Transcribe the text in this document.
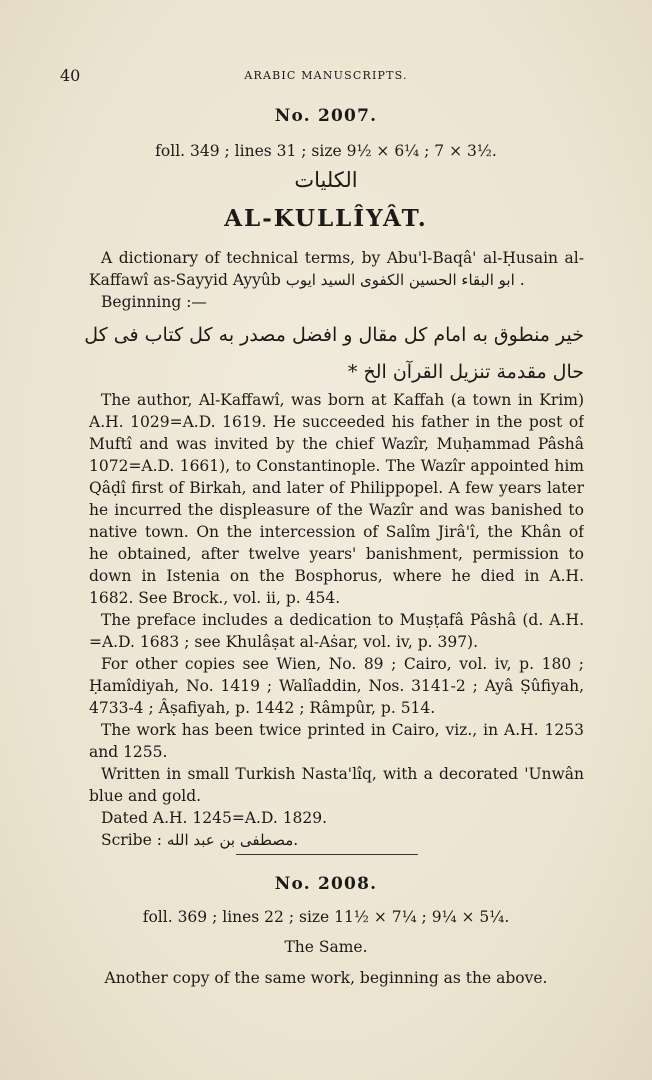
40	ARABIC MANUSCRIPTS.
No. 2007.
foll. 349 ; lines 31 ; size 9½ × 6¼ ; 7 × 3½.
الكليات
AL-KULLÎYÂT.
A dictionary of technical terms, by Abu'l-Baqâ' al-Ḥusain al-
Kaffawî as-Sayyid Ayyûb ابو البقاء الحسين الكفوى السيد ايوب .
Beginning :—
خير منطوق به امام كل مقال و افضل مصدر به كل كتاب فى كل
حال مقدمة تنزيل القرآن الخ *
The author, Al-Kaffawî, was born at Kaffah (a town in Krim)
A.H. 1029=A.D. 1619. He succeeded his father in the post of
Muftî and was invited by the chief Wazîr, Muḥammad Pâshâ
1072=A.D. 1661), to Constantinople. The Wazîr appointed him
Qâḍî first of Birkah, and later of Philippopel. A few years later
he incurred the displeasure of the Wazîr and was banished to
native town. On the intercession of Salîm Jirâ'î, the Khân of
he obtained, after twelve years' banishment, permission to
down in Istenia on the Bosphorus, where he died in A.H.
1682. See Brock., vol. ii, p. 454.
The preface includes a dedication to Muṣṭafâ Pâshâ (d. A.H.
=A.D. 1683 ; see Khulâṣat al-Aṡar, vol. iv, p. 397).
For other copies see Wien, No. 89 ; Cairo, vol. iv, p. 180 ;
Ḥamîdiyah, No. 1419 ; Walîaddin, Nos. 3141-2 ; Ayâ Ṣûfiyah,
4733-4 ; Âṣafiyah, p. 1442 ; Râmpûr, p. 514.
The work has been twice printed in Cairo, viz., in A.H. 1253
and 1255.
Written in small Turkish Nasta'lîq, with a decorated 'Unwân
blue and gold.
Dated A.H. 1245=A.D. 1829.
Scribe : مصطفى بن عبد الله.
No. 2008.
foll. 369 ; lines 22 ; size 11½ × 7¼ ; 9¼ × 5¼.
The Same.
Another copy of the same work, beginning as the above.
